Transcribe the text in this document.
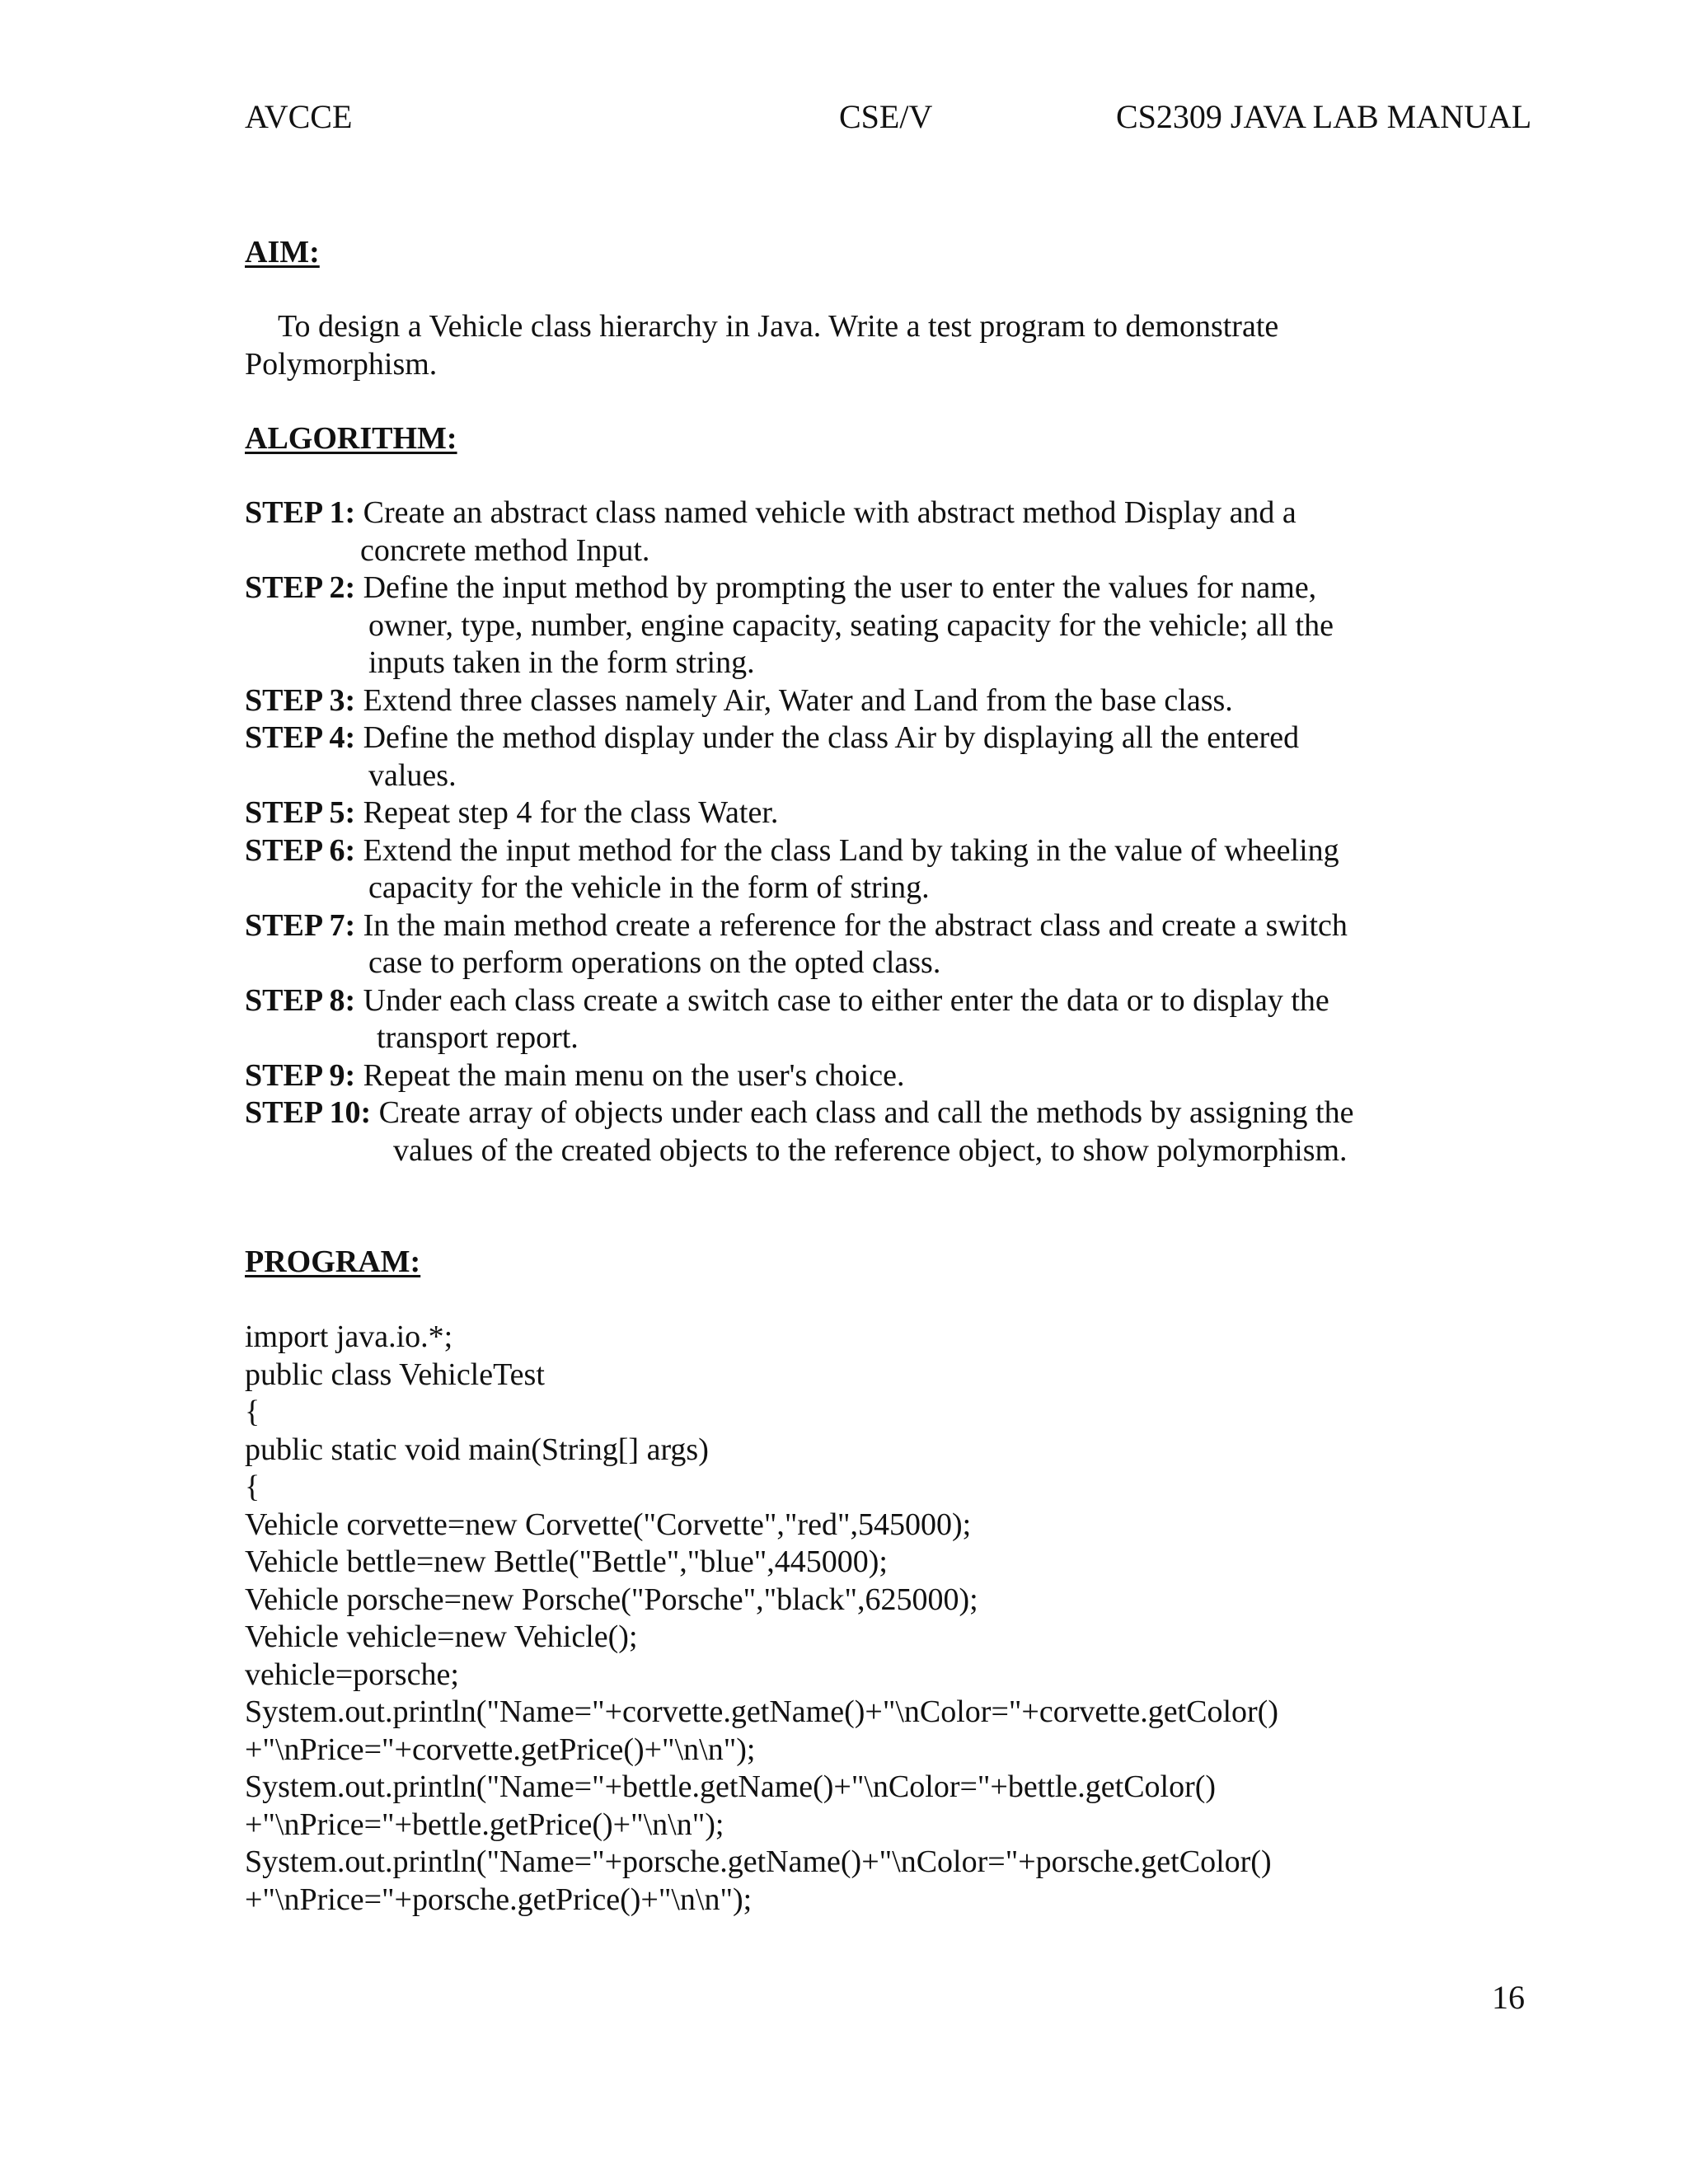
AVCCE	CSE/V	CS2309 JAVA LAB MANUAL
AIM:
To design a Vehicle class hierarchy in Java. Write a test program to demonstrate Polymorphism.
ALGORITHM:
STEP 1: Create an abstract class named vehicle with abstract method Display and a
concrete method Input.
STEP 2: Define the input method by prompting the user to enter the values for name,
owner, type, number, engine capacity, seating capacity for the vehicle; all the
inputs taken in the form string.
STEP 3: Extend three classes namely Air, Water and Land from the base class.
STEP 4: Define the method display under the class Air by displaying all the entered
values.
STEP 5: Repeat step 4 for the class Water.
STEP 6: Extend the input method for the class Land by taking in the value of wheeling
capacity for the vehicle in the form of string.
STEP 7: In the main method create a reference for the abstract class and create a switch
case to perform operations on the opted class.
STEP 8: Under each class create a switch case to either enter the data or to display the
transport report.
STEP 9: Repeat the main menu on the user's choice.
STEP 10: Create array of objects under each class and call the methods by assigning the
values of the created objects to the reference object, to show polymorphism.
PROGRAM:
import java.io.*;
public class VehicleTest
{
public static void main(String[] args)
{
Vehicle corvette=new Corvette("Corvette","red",545000);
Vehicle bettle=new Bettle("Bettle","blue",445000);
Vehicle porsche=new Porsche("Porsche","black",625000);
Vehicle vehicle=new Vehicle();
vehicle=porsche;
System.out.println("Name="+corvette.getName()+"\nColor="+corvette.getColor()
+"\nPrice="+corvette.getPrice()+"\n\n");
System.out.println("Name="+bettle.getName()+"\nColor="+bettle.getColor()
+"\nPrice="+bettle.getPrice()+"\n\n");
System.out.println("Name="+porsche.getName()+"\nColor="+porsche.getColor()
+"\nPrice="+porsche.getPrice()+"\n\n");
16
